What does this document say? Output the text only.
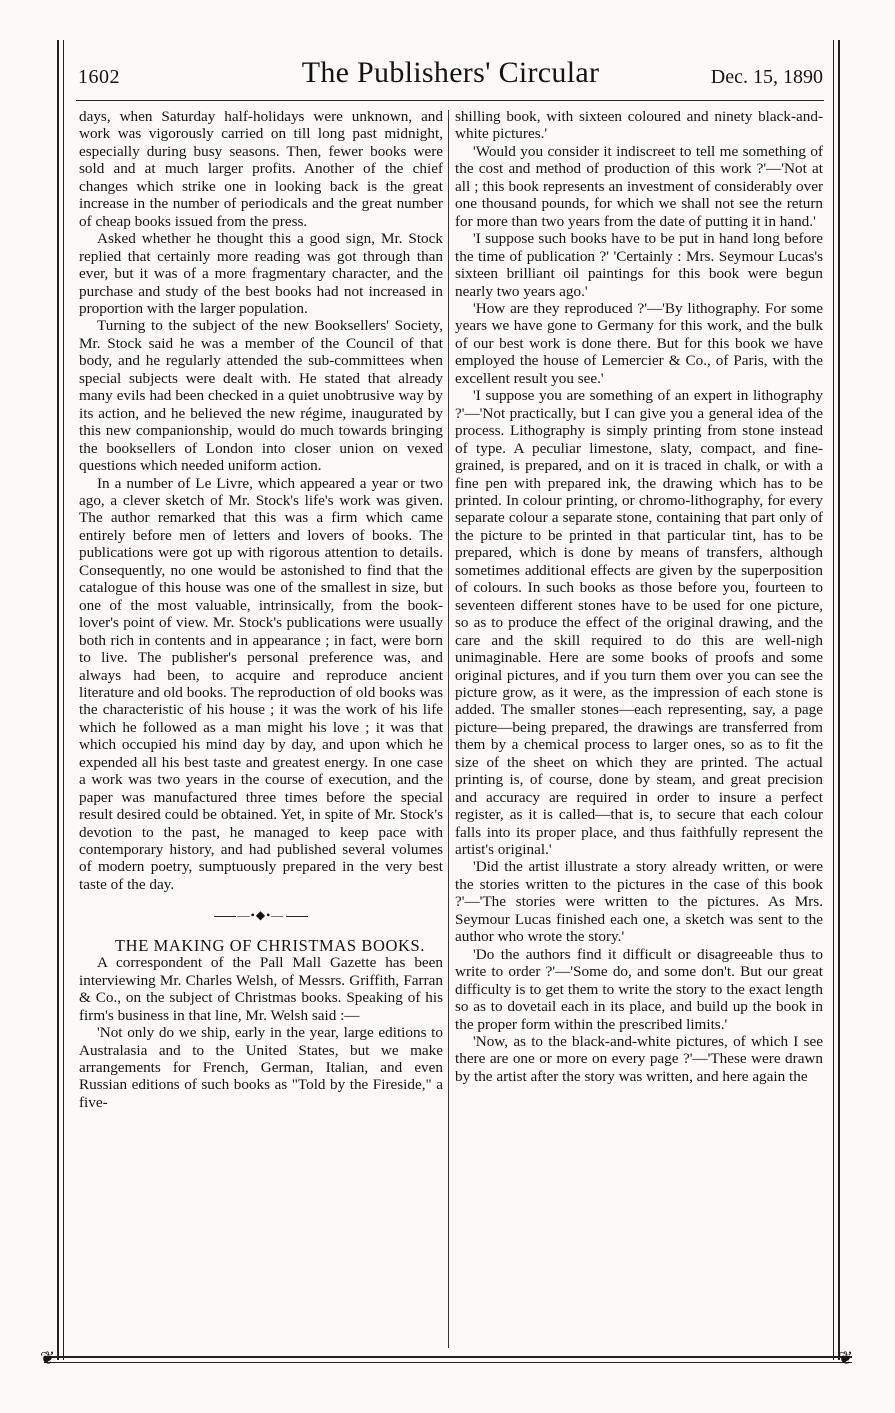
1602	The Publishers' Circular	Dec. 15, 1890

days, when Saturday half-holidays were unknown, and work was vigorously carried on till long past midnight, especially during busy seasons. Then, fewer books were sold and at much larger profits. Another of the chief changes which strike one in looking back is the great increase in the number of periodicals and the great number of cheap books issued from the press.

Asked whether he thought this a good sign, Mr. Stock replied that certainly more reading was got through than ever, but it was of a more fragmentary character, and the purchase and study of the best books had not increased in proportion with the larger population.

Turning to the subject of the new Booksellers' Society, Mr. Stock said he was a member of the Council of that body, and he regularly attended the sub-committees when special subjects were dealt with. He stated that already many evils had been checked in a quiet unobtrusive way by its action, and he believed the new régime, inaugurated by this new companionship, would do much towards bringing the booksellers of London into closer union on vexed questions which needed uniform action.

In a number of Le Livre, which appeared a year or two ago, a clever sketch of Mr. Stock's life's work was given. The author remarked that this was a firm which came entirely before men of letters and lovers of books. The publications were got up with rigorous attention to details. Consequently, no one would be astonished to find that the catalogue of this house was one of the smallest in size, but one of the most valuable, intrinsically, from the book-lover's point of view. Mr. Stock's publications were usually both rich in contents and in appearance ; in fact, were born to live. The publisher's personal preference was, and always had been, to acquire and reproduce ancient literature and old books. The reproduction of old books was the characteristic of his house ; it was the work of his life which he followed as a man might his love ; it was that which occupied his mind day by day, and upon which he expended all his best taste and greatest energy. In one case a work was two years in the course of execution, and the paper was manufactured three times before the special result desired could be obtained. Yet, in spite of Mr. Stock's devotion to the past, he managed to keep pace with contemporary history, and had published several volumes of modern poetry, sumptuously prepared in the very best taste of the day.

—•◆•—

THE MAKING OF CHRISTMAS BOOKS.

A correspondent of the Pall Mall Gazette has been interviewing Mr. Charles Welsh, of Messrs. Griffith, Farran & Co., on the subject of Christmas books. Speaking of his firm's business in that line, Mr. Welsh said :—

'Not only do we ship, early in the year, large editions to Australasia and to the United States, but we make arrangements for French, German, Italian, and even Russian editions of such books as "Told by the Fireside," a five-

shilling book, with sixteen coloured and ninety black-and-white pictures.'

'Would you consider it indiscreet to tell me something of the cost and method of production of this work ?'—'Not at all ; this book represents an investment of considerably over one thousand pounds, for which we shall not see the return for more than two years from the date of putting it in hand.'

'I suppose such books have to be put in hand long before the time of publication ?' 'Certainly : Mrs. Seymour Lucas's sixteen brilliant oil paintings for this book were begun nearly two years ago.'

'How are they reproduced ?'—'By lithography. For some years we have gone to Germany for this work, and the bulk of our best work is done there. But for this book we have employed the house of Lemercier & Co., of Paris, with the excellent result you see.'

'I suppose you are something of an expert in lithography ?'—'Not practically, but I can give you a general idea of the process. Lithography is simply printing from stone instead of type. A peculiar limestone, slaty, compact, and fine-grained, is prepared, and on it is traced in chalk, or with a fine pen with prepared ink, the drawing which has to be printed. In colour printing, or chromo-lithography, for every separate colour a separate stone, containing that part only of the picture to be printed in that particular tint, has to be prepared, which is done by means of transfers, although sometimes additional effects are given by the superposition of colours. In such books as those before you, fourteen to seventeen different stones have to be used for one picture, so as to produce the effect of the original drawing, and the care and the skill required to do this are well-nigh unimaginable. Here are some books of proofs and some original pictures, and if you turn them over you can see the picture grow, as it were, as the impression of each stone is added. The smaller stones—each representing, say, a page picture—being prepared, the drawings are transferred from them by a chemical process to larger ones, so as to fit the size of the sheet on which they are printed. The actual printing is, of course, done by steam, and great precision and accuracy are required in order to insure a perfect register, as it is called—that is, to secure that each colour falls into its proper place, and thus faithfully represent the artist's original.'

'Did the artist illustrate a story already written, or were the stories written to the pictures in the case of this book ?'—'The stories were written to the pictures. As Mrs. Seymour Lucas finished each one, a sketch was sent to the author who wrote the story.'

'Do the authors find it difficult or disagreeable thus to write to order ?'—'Some do, and some don't. But our great difficulty is to get them to write the story to the exact length so as to dovetail each in its place, and build up the book in the proper form within the prescribed limits.'

'Now, as to the black-and-white pictures, of which I see there are one or more on every page ?'—'These were drawn by the artist after the story was written, and here again the

❦	❦
